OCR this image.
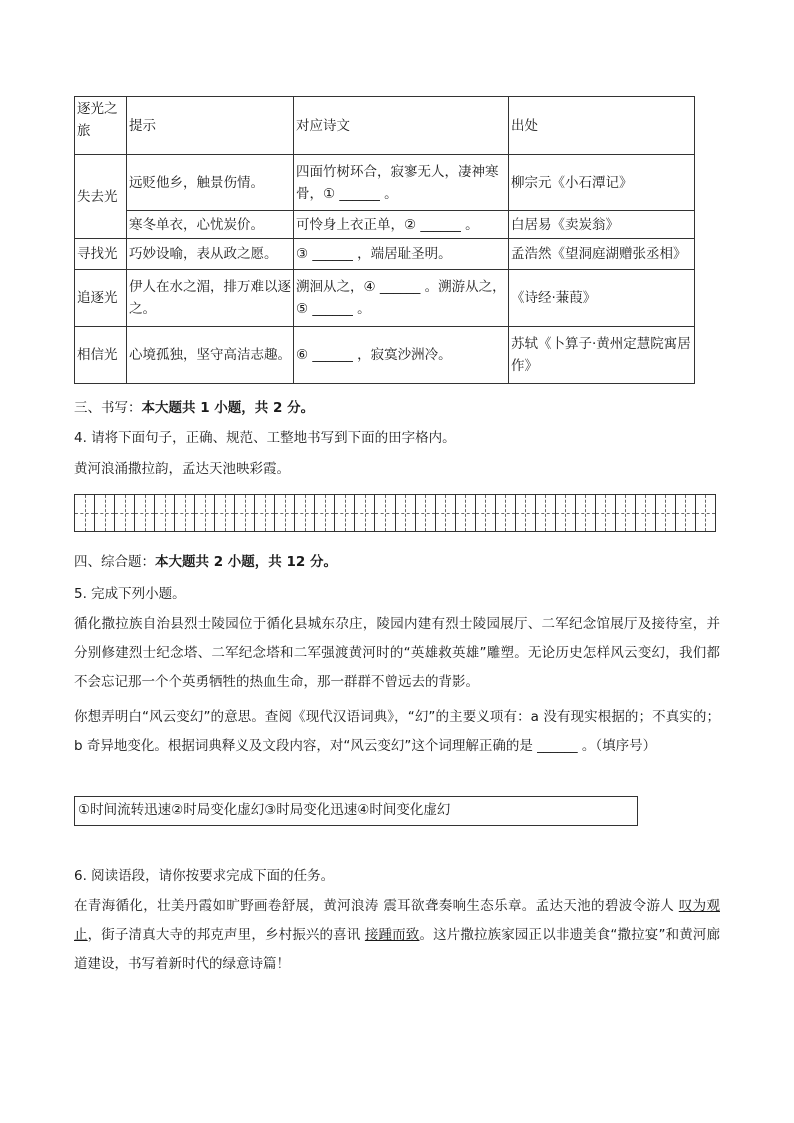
逐光之旅	提示	对应诗文	出处
失去光	远贬他乡，触景伤情。	四面竹树环合，寂寥无人，凄神寒骨，① ______ 。	柳宗元《小石潭记》
	寒冬单衣，心忧炭价。	可怜身上衣正单，② ______ 。	白居易《卖炭翁》
寻找光	巧妙设喻，表从政之愿。	③ ______ ，端居耻圣明。	孟浩然《望洞庭湖赠张丞相》
追逐光	伊人在水之湄，排万难以逐之。	溯洄从之，④ ______ 。溯游从之，⑤ ______ 。	《诗经·蒹葭》
相信光	心境孤独，坚守高洁志趣。	⑥ ______ ，寂寞沙洲冷。	苏轼《卜算子·黄州定慧院寓居作》
三、书写：本大题共 1 小题，共 2 分。
4. 请将下面句子，正确、规范、工整地书写到下面的田字格内。
黄河浪涌撒拉韵，孟达天池映彩霞。
四、综合题：本大题共 2 小题，共 12 分。
5. 完成下列小题。
循化撒拉族自治县烈士陵园位于循化县城东尕庄，陵园内建有烈士陵园展厅、二军纪念馆展厅及接待室，并分别修建烈士纪念塔、二军纪念塔和二军强渡黄河时的“英雄救英雄”雕塑。无论历史怎样风云变幻，我们都不会忘记那一个个英勇牺牲的热血生命，那一群群不曾远去的背影。
你想弄明白“风云变幻”的意思。查阅《现代汉语词典》，“幻”的主要义项有：a 没有现实根据的；不真实的；b 奇异地变化。根据词典释义及文段内容，对“风云变幻”这个词理解正确的是 ______ 。（填序号）
①时间流转迅速②时局变化虚幻③时局变化迅速④时间变化虚幻
6. 阅读语段，请你按要求完成下面的任务。
在青海循化，壮美丹霞如旷野画卷舒展，黄河浪涛 震耳欲聋奏响生态乐章。孟达天池的碧波令游人 叹为观止，街子清真大寺的邦克声里，乡村振兴的喜讯 接踵而致。这片撒拉族家园正以非遗美食“撒拉宴”和黄河廊道建设，书写着新时代的绿意诗篇！
